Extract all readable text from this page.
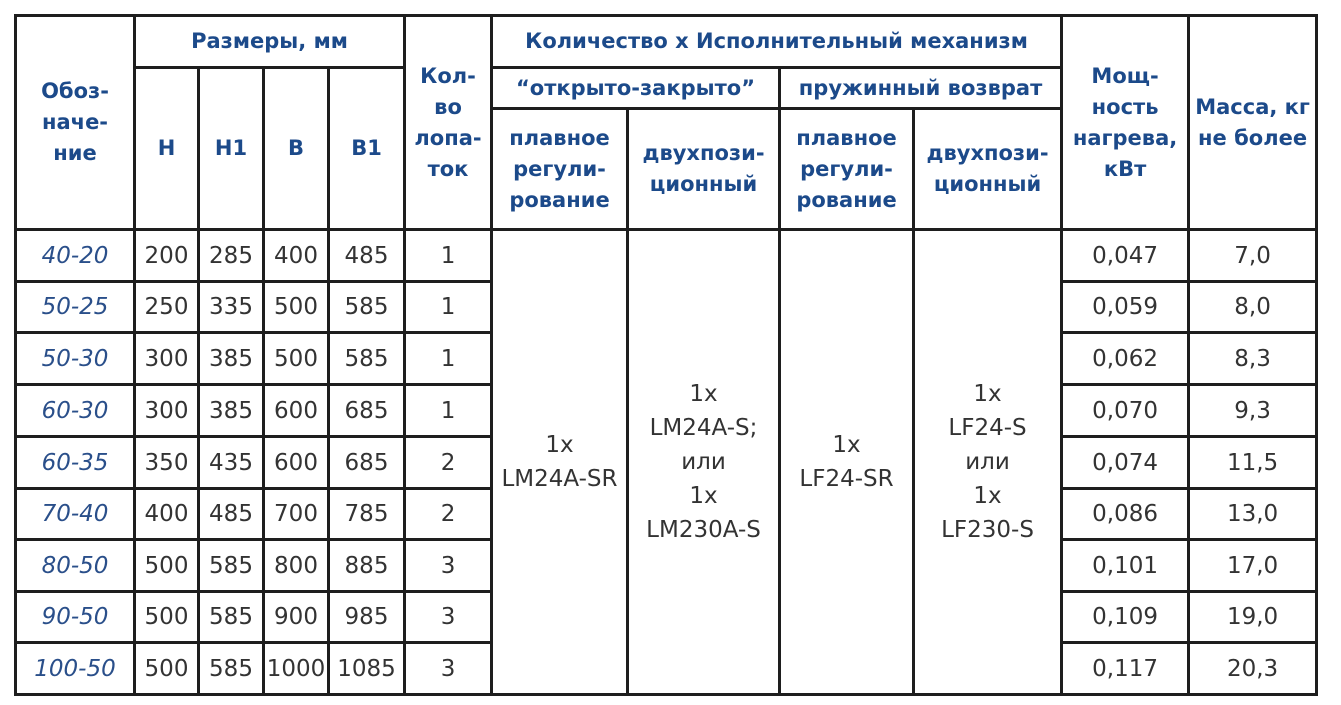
Обоз-
наче-
ние	Размеры, мм				Кол-
во
лопа-
ток	Количество х Исполнительный механизм				Мощ-
ность
нагрева,
кВт	Масса, кг
не более

	H	H1	B	B1		“открыто-закрыто”		пружинный возврат			

						плавное
регули-
рование	двухпози-
ционный	плавное
регули-
рование	двухпози-
ционный		

40-20	200	285	400	485	1	1x
LM24A-SR	1x
LM24A-S;
или
1x
LM230A-S	1x
LF24-SR	1x
LF24-S
или
1x
LF230-S	0,047	7,0
50-25	250	335	500	585	1					0,059	8,0
50-30	300	385	500	585	1					0,062	8,3
60-30	300	385	600	685	1					0,070	9,3
60-35	350	435	600	685	2					0,074	11,5
70-40	400	485	700	785	2					0,086	13,0
80-50	500	585	800	885	3					0,101	17,0
90-50	500	585	900	985	3					0,109	19,0
100-50	500	585	1000	1085	3					0,117	20,3
